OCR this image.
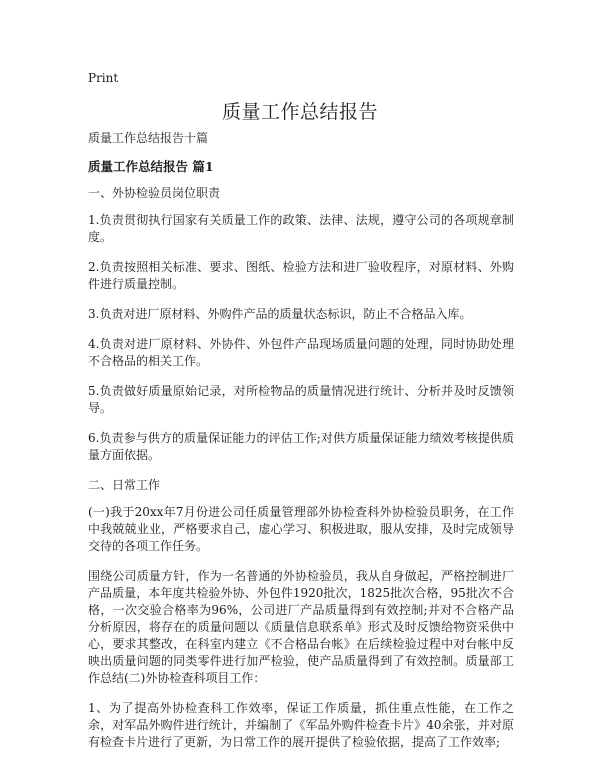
Print
质量工作总结报告

质量工作总结报告十篇

质量工作总结报告 篇1

一、外协检验员岗位职责

1.负责贯彻执行国家有关质量工作的政策、法律、法规，遵守公司的各项规章制度。

2.负责按照相关标准、要求、图纸、检验方法和进厂验收程序，对原材料、外购件进行质量控制。

3.负责对进厂原材料、外购件产品的质量状态标识，防止不合格品入库。

4.负责对进厂原材料、外协件、外包件产品现场质量问题的处理，同时协助处理不合格品的相关工作。

5.负责做好质量原始记录，对所检物品的质量情况进行统计、分析并及时反馈领导。

6.负责参与供方的质量保证能力的评估工作;对供方质量保证能力绩效考核提供质量方面依据。

二、日常工作

(一)我于20xx年7月份进公司任质量管理部外协检查科外协检验员职务，在工作中我兢兢业业，严格要求自己，虚心学习、积极进取，服从安排，及时完成领导交待的各项工作任务。

围绕公司质量方针，作为一名普通的外协检验员，我从自身做起，严格控制进厂产品质量，本年度共检验外协、外包件1920批次，1825批次合格，95批次不合格，一次交验合格率为96%，公司进厂产品质量得到有效控制;并对不合格产品分析原因，将存在的质量问题以《质量信息联系单》形式及时反馈给物资采供中心，要求其整改，在科室内建立《不合格品台帐》在后续检验过程中对台帐中反映出质量问题的同类零件进行加严检验，使产品质量得到了有效控制。质量部工作总结(二)外协检查科项目工作：

1、为了提高外协检查科工作效率，保证工作质量，抓住重点性能，在工作之余，对军品外购件进行统计，并编制了《军品外购件检查卡片》40余张，并对原有检查卡片进行了更新，为日常工作的展开提供了检验依据，提高了工作效率;
